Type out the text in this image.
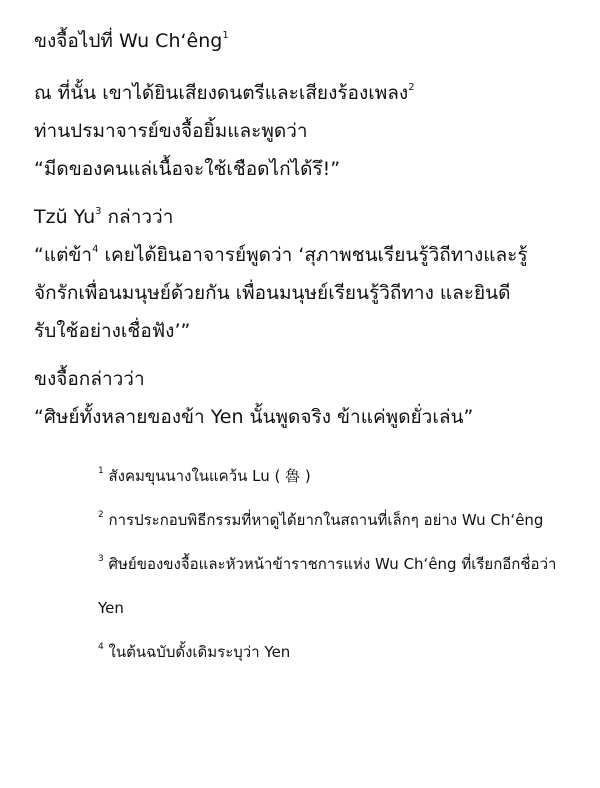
ขงจื้อไปที่ Wu Ch‘êng$^1$
ณ ที่นั้น เขาได้ยินเสียงดนตรีและเสียงร้องเพลง$^2$
ท่านปรมาจารย์ขงจื้อยิ้มและพูดว่า
“มีดของคนแล่เนื้อจะใช้เชือดไก่ได้รึ!”
Tzŭ Yu$^3$ กล่าวว่า
“แต่ข้า$^4$ เคยได้ยินอาจารย์พูดว่า ‘สุภาพชนเรียนรู้วิถีทางและรู้
จักรักเพื่อนมนุษย์ด้วยกัน เพื่อนมนุษย์เรียนรู้วิถีทาง และยินดี
รับใช้อย่างเชื่อฟัง’”
ขงจื้อกล่าวว่า
“ศิษย์ทั้งหลายของข้า Yen นั้นพูดจริง ข้าแค่พูดยั่วเล่น”
$^1$ สังคมขุนนางในแคว้น Lu ( 魯 )
$^2$ การประกอบพิธีกรรมที่หาดูได้ยากในสถานที่เล็กๆ อย่าง Wu Ch‘êng
$^3$ ศิษย์ของขงจื้อและหัวหน้าข้าราชการแห่ง Wu Ch‘êng ที่เรียกอีกชื่อว่า Yen
$^4$ ในต้นฉบับดั้งเดิมระบุว่า Yen
